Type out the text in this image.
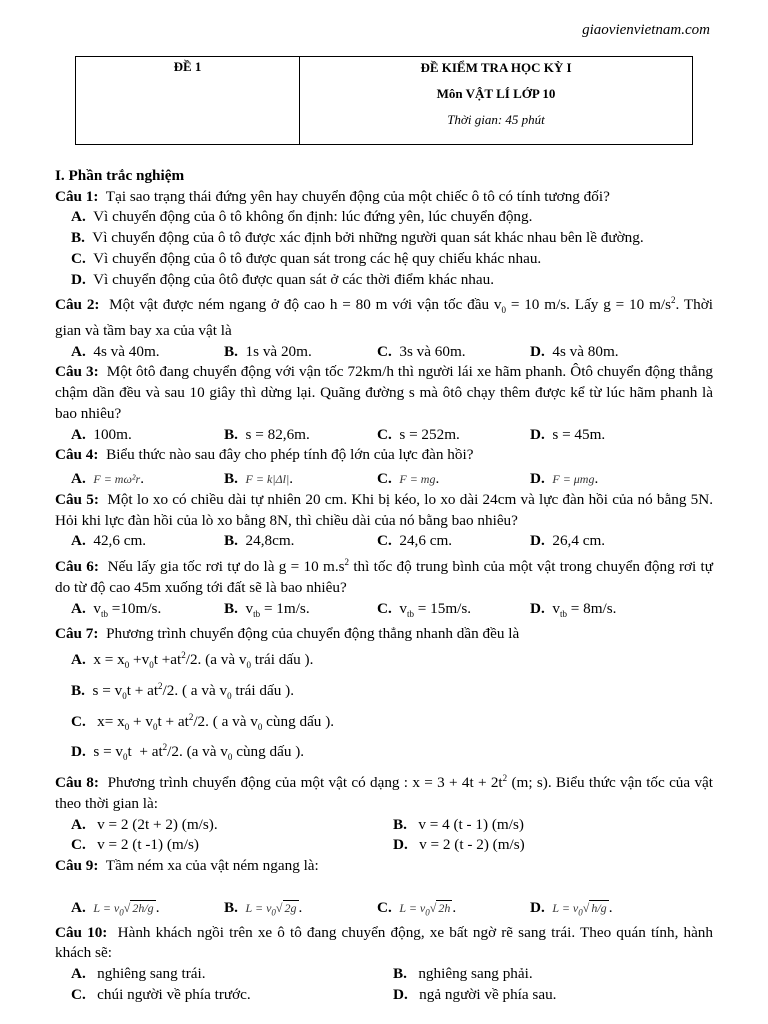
giaovienvietnam.com
ĐỀ 1	ĐỀ KIỂM TRA HỌC KỲ I
Môn VẬT LÍ LỚP 10
Thời gian: 45 phút
I. Phần trắc nghiệm
Câu 1: Tại sao trạng thái đứng yên hay chuyển động của một chiếc ô tô có tính tương đối?
A. Vì chuyển động của ô tô không ổn định: lúc đứng yên, lúc chuyển động.
B. Vì chuyển động của ô tô được xác định bởi những người quan sát khác nhau bên lề đường.
C. Vì chuyển động của ô tô được quan sát trong các hệ quy chiếu khác nhau.
D. Vì chuyển động của ôtô được quan sát ở các thời điểm khác nhau.
Câu 2: Một vật được ném ngang ở độ cao h = 80 m với vận tốc đầu $v_0 = 10$ m/s. Lấy g = 10 $m/s^2$. Thời gian và tầm bay xa của vật là
A. 4s và 40m.	B. 1s và 20m.	C. 3s và 60m.	D. 4s và 80m.
Câu 3: Một ôtô đang chuyển động với vận tốc 72km/h thì người lái xe hãm phanh. Ôtô chuyển động thẳng chậm dần đều và sau 10 giây thì dừng lại. Quãng đường s mà ôtô chạy thêm được kể từ lúc hãm phanh là bao nhiêu?
A. 100m.	B. s = 82,6m.	C. s = 252m.	D. s = 45m.
Câu 4: Biểu thức nào sau đây cho phép tính độ lớn của lực đàn hồi?
A. F = mω²r.	B. F = k|Δl|.	C. F = mg.	D. F = μmg.
Câu 5: Một lo xo có chiều dài tự nhiên 20 cm. Khi bị kéo, lo xo dài 24cm và lực đàn hồi của nó bằng 5N. Hỏi khi lực đàn hồi của lò xo bằng 8N, thì chiều dài của nó bằng bao nhiêu?
A. 42,6 cm.	B. 24,8cm.	C. 24,6 cm.	D. 26,4 cm.
Câu 6: Nếu lấy gia tốc rơi tự do là g = 10 $m.s^2$ thì tốc độ trung bình của một vật trong chuyển động rơi tự do từ độ cao 45m xuống tới đất sẽ là bao nhiêu?
A.  $v_{tb} =10m/s$.	B.  $v_{tb} = 1m/s$.	C.  $v_{tb} = 15m/s$.	D.  $v_{tb} = 8m/s$.
Câu 7: Phương trình chuyển động của chuyển động thẳng nhanh dần đều là
A.  $x = x_0 +v_0t +at^2/2$. (a và $v_0$ trái dấu ).
B.  $s = v_0t + at^2/2$. ( a và $v_0$ trái dấu ).
C.   $x= x_0 + v_0t + at^2/2$. ( a và $v_0$ cùng dấu ).
D.  $s = v_0t + at^2/2$. (a và $v_0$ cùng dấu ).
Câu 8: Phương trình chuyển động của một vật có dạng : $x = 3 + 4t + 2t^2$ (m; s). Biểu thức vận tốc của vật theo thời gian là:
A. v = 2 (2t + 2) (m/s).	B. v = 4 (t - 1) (m/s)
C. v = 2 (t -1) (m/s)	D. v = 2 (t - 2) (m/s)
Câu 9: Tầm ném xa của vật ném ngang là:
A. $L = v_0√$ 2h/g .	B. $L = v_0√$ 2g .	C. $L = v_0√$ 2h .	D. $L = v_0√$ h/g .
Câu 10: Hành khách ngồi trên xe ô tô đang chuyển động, xe bất ngờ rẽ sang trái. Theo quán tính, hành khách sẽ:
A. nghiêng sang trái.	B. nghiêng sang phải.
C. chúi người về phía trước.	D. ngả người về phía sau.
